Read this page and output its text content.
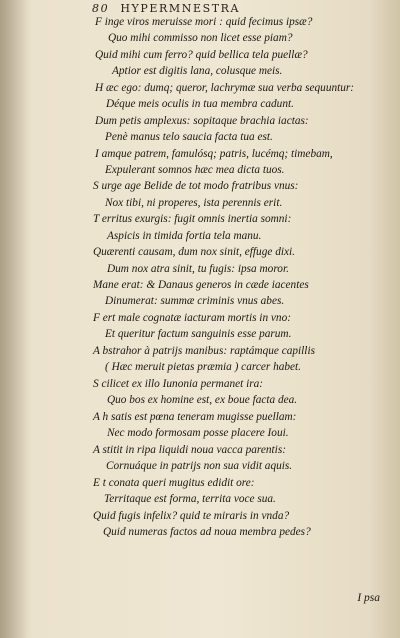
80 HYPERMNESTRA
F inge viros meruisse mori : quid fecimus ipsæ?
Quo mihi commisso non licet esse piam?
Quid mihi cum ferro? quid bellica tela puellæ?
Aptior est digitis lana, colusque meis.
H æc ego: dumq; queror, lachrymæ sua verba sequuntur:
Déque meis oculis in tua membra cadunt.
Dum petis amplexus: sopitaque brachia iactas:
Penè manus telo saucia facta tua est.
I amque patrem, famulósq; patris, lucémq; timebam,
Expulerant somnos hæc mea dicta tuos.
S urge age Belide de tot modo fratribus vnus:
Nox tibi, ni properes, ista perennis erit.
T erritus exurgis: fugit omnis inertia somni:
Aspicis in timida fortia tela manu.
Quærenti causam, dum nox sinit, effuge dixi.
Dum nox atra sinit, tu fugis: ipsa moror.
Mane erat: & Danaus generos in cæde iacentes
Dinumerat: summæ criminis vnus abes.
F ert male cognatæ iacturam mortis in vno:
Et queritur factum sanguinis esse parum.
A bstrahor à patrijs manibus: raptámque capillis
( Hæc meruit pietas præmia ) carcer habet.
S cilicet ex illo Iunonia permanet ira:
Quo bos ex homine est, ex boue facta dea.
A h satis est pœna teneram mugisse puellam:
Nec modo formosam posse placere Ioui.
A stitit in ripa liquidi noua vacca parentis:
Cornuáque in patrijs non sua vidit aquis.
E t conata queri mugitus edidit ore:
Territaque est forma, territa voce sua.
Quid fugis infelix? quid te miraris in vnda?
Quid numeras factos ad noua membra pedes?
I psa
